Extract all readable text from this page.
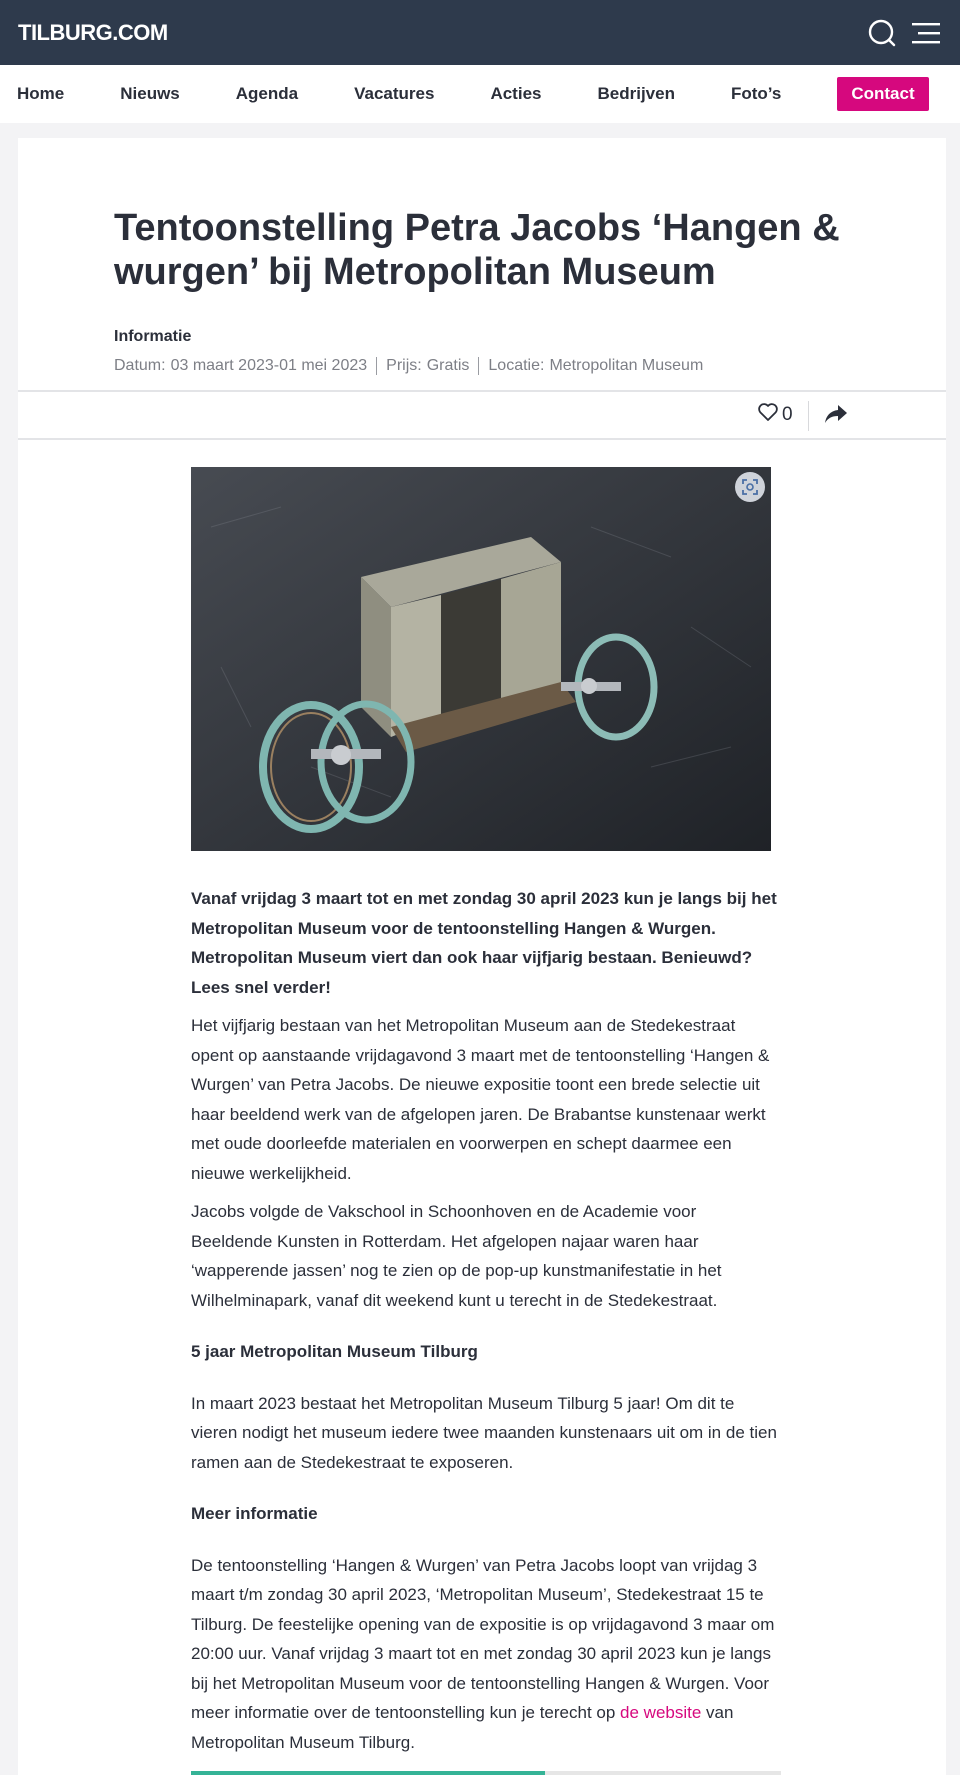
TILBURG.COM
Home	Nieuws	Agenda	Vacatures	Acties	Bedrijven	Foto’s	Contact
Tentoonstelling Petra Jacobs ‘Hangen & wurgen’ bij Metropolitan Museum
Informatie
Datum: 03 maart 2023-01 mei 2023 Prijs: Gratis Locatie: Metropolitan Museum
0

Vanaf vrijdag 3 maart tot en met zondag 30 april 2023 kun je langs bij het Metropolitan Museum voor de tentoonstelling Hangen & Wurgen. Metropolitan Museum viert dan ook haar vijfjarig bestaan. Benieuwd? Lees snel verder!

Het vijfjarig bestaan van het Metropolitan Museum aan de Stedekestraat opent op aanstaande vrijdagavond 3 maart met de tentoonstelling ‘Hangen & Wurgen’ van Petra Jacobs. De nieuwe expositie toont een brede selectie uit haar beeldend werk van de afgelopen jaren. De Brabantse kunstenaar werkt met oude doorleefde materialen en voorwerpen en schept daarmee een nieuwe werkelijkheid.

Jacobs volgde de Vakschool in Schoonhoven en de Academie voor Beeldende Kunsten in Rotterdam. Het afgelopen najaar waren haar ‘wapperende jassen’ nog te zien op de pop-up kunstmanifestatie in het Wilhelminapark, vanaf dit weekend kunt u terecht in de Stedekestraat.

5 jaar Metropolitan Museum Tilburg

In maart 2023 bestaat het Metropolitan Museum Tilburg 5 jaar! Om dit te vieren nodigt het museum iedere twee maanden kunstenaars uit om in de tien ramen aan de Stedekestraat te exposeren.

Meer informatie

De tentoonstelling ‘Hangen & Wurgen’ van Petra Jacobs loopt van vrijdag 3 maart t/m zondag 30 april 2023, ‘Metropolitan Museum’, Stedekestraat 15 te Tilburg. De feestelijke opening van de expositie is op vrijdagavond 3 maar om 20:00 uur. Vanaf vrijdag 3 maart tot en met zondag 30 april 2023 kun je langs bij het Metropolitan Museum voor de tentoonstelling Hangen & Wurgen. Voor meer informatie over de tentoonstelling kun je terecht op de website van Metropolitan Museum Tilburg.
